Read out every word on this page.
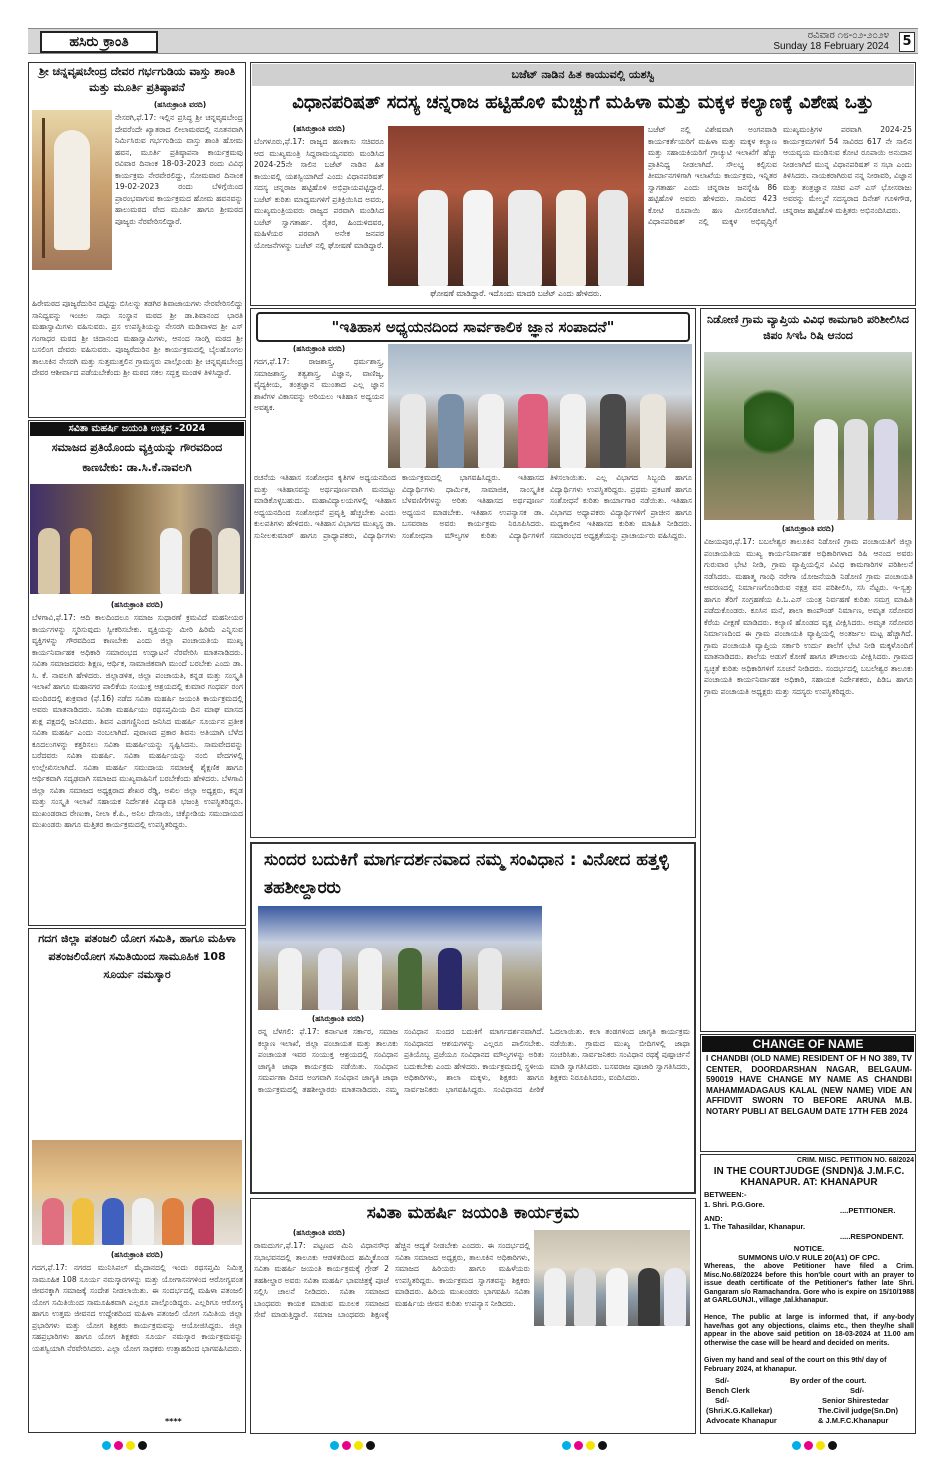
ಹಸಿರು ಕ್ರಾಂತಿ	ರವಿವಾರ ೧೮-೦೨-೨೦೨೪
Sunday 18 February 2024 5
ಶ್ರೀ ಚನ್ನವೃಷಬೇಂದ್ರ ದೇವರ ಗರ್ಭಗುಡಿಯ ವಾಸ್ತು ಶಾಂತಿ ಮತ್ತು ಮೂರ್ತಿ ಪ್ರತಿಷ್ಠಾಪನೆ
(ಹಸಿರುಕ್ರಾಂತಿ ವರದಿ)
ನೇಸರಗಿ,ಫೆ.17: ಇಲ್ಲಿನ ಪ್ರಸಿದ್ಧ ಶ್ರೀ ಚನ್ನವೃಷಬೇಂದ್ರ ದೇವರೆಂದೇ ಖ್ಯಾತರಾದ ಲೀಲಾಮಠದಲ್ಲಿ ನೂತನವಾಗಿ ನಿರ್ಮಿಸಿರುವ ಗರ್ಭಗುಡಿಯ ವಾಸ್ತು ಶಾಂತಿ ಹೋಮ ಹವನ, ಮೂರ್ತಿ ಪ್ರತಿಷ್ಠಾಪನಾ ಕಾರ್ಯಕ್ರಮವು ರವಿವಾರ ದಿನಾಂಕ 18-03-2023 ರಂದು ವಿವಿಧ ಕಾರ್ಯಕ್ರಮ ನೇರವೇರಲಿದ್ದು, ಸೋಮವಾರ ದಿನಾಂಕ 19-02-2023 ರಂದು ಬೆಳಿಗ್ಗೆಯಿಂದ ಪ್ರಾರಂಭವಾಗುವ ಕಾರ್ಯಕ್ರಮದ ಹೋಮ ಹವನವನ್ನು ಹಾಲುಮಠದ ವೇದ ಮೂರ್ತಿ ಹಾಗೂ ಶ್ರೀಮಠದ ಪೂಜ್ಯರು ನೆರವೇರಿಸಲಿದ್ದಾರೆ.
ಹಿರೇಮಠದ ಪೂಜ್ಯರೆದುರಿನ ದಟ್ಟಿದ್ದು ಬಿಸಿಲನ್ನು ತಡಗಿರ ಶಿವಾಜಾಯಗಳು ನೇರವೇರಿಸಲಿದ್ದು ಸಾನಿಧ್ಯವನ್ನು ಇಂಚಲ ಸಾಧು ಸಂಸ್ಥಾನ ಮಠದ ಶ್ರೀ ಡಾ.ಶಿವಾನಂದ ಭಾರತಿ ಮಹಾಸ್ವಾಮಿಗಳು ವಹಿಸುವರು. ಪ್ರಸ ಉಪಸ್ಥಿತಿಯನ್ನು ನೇಸರಗಿ ಮಡಿವಾಳದ ಶ್ರೀ ಎಸ್ ಗಂಗಾಧರ ಮಠದ ಶ್ರೀ ಚಿದಾನಂದ ಮಹಾಸ್ವಾಮಿಗಳು, ಆನಂದ ಸಾಂಗ್ಲಿ ಮಠದ ಶ್ರೀ ಬಸಲಿಂಗ ದೇವರು ವಹಿಸುವರು. ಪೂಜ್ಯರೆದುರಿನ ಶ್ರೀ ಕಾರ್ಯಕ್ರಮದಲ್ಲಿ ಬೈಲಹೊಂಗಲ ತಾಲೂಕಿನ ನೇಸರಗಿ ಮತ್ತು ಸುತ್ತಮುತ್ತಲಿನ ಗ್ರಾಮಸ್ಥರು ಪಾಲ್ಗೊಂಡು ಶ್ರೀ ಚನ್ನವೃಷಬೇಂದ್ರ ದೇವರ ಆಶೀರ್ವಾದ ಪಡೆಯಬೇಕೆಂದು ಶ್ರೀ ಮಠದ ಸಕಲ ಸದ್ಭಕ್ತ ಮಂಡಳಿ ತಿಳಿಸಿದ್ದಾರೆ.
ಸವಿತಾ ಮಹರ್ಷಿ ಜಯಂತಿ ಉತ್ಸವ -2024
ಸಮಾಜದ ಪ್ರತಿಯೊಂದು ವ್ಯಕ್ತಿಯನ್ನು ಗೌರವದಿಂದ ಕಾಣಬೇಕು: ಡಾ.ಸಿ.ಕೆ.ನಾವಲಗಿ
(ಹಸಿರುಕ್ರಾಂತಿ ವರದಿ)
ಬೆಳಗಾವಿ,ಫೆ.17: ಆದಿ ಕಾಲದಿಂದಲೂ ಸಮಾಜ ಸುಧಾರಣೆ ಕ್ರಮವಿದೆ ಮಹನೀಯರ ಕಾರ್ಯಗಳನ್ನು ಸ್ಮರಿಸುವುದು ಸ್ವೀಕರಿಸಬೇಕು. ವ್ಯಕ್ತಿಯನ್ನು ಮೀರಿ ಹಿರಿಮೆ ಎನ್ನಿಸುವ ವ್ಯಕ್ತಿಗಳನ್ನು ಗೌರವದಿಂದ ಕಾಣಬೇಕು ಎಂದು ಜಿಲ್ಲಾ ಪಂಚಾಯತಿಯ ಮುಖ್ಯ ಕಾರ್ಯನಿರ್ವಾಹಕ ಅಧಿಕಾರಿ ಸಮಾರಂಭದ ಉದ್ಘಾಟನೆ ನೆರವೇರಿಸಿ ಮಾತನಾಡಿದರು. ಸವಿತಾ ಸಮಾಜದವರು ಶಿಕ್ಷಣ, ಆರ್ಥಿಕ, ಸಾಮಾಜಿಕವಾಗಿ ಮುಂದೆ ಬರಬೇಕು ಎಂದು ಡಾ. ಸಿ. ಕೆ. ನಾವಲಗಿ ಹೇಳಿದರು. ಜಿಲ್ಲಾಡಳಿತ, ಜಿಲ್ಲಾ ಪಂಚಾಯತಿ, ಕನ್ನಡ ಮತ್ತು ಸಂಸ್ಕೃತಿ ಇಲಾಖೆ ಹಾಗೂ ಮಹಾನಗರ ಪಾಲಿಕೆಯ ಸಂಯುಕ್ತ ಆಶ್ರಯದಲ್ಲಿ ಕುಮಾರ ಗಂಧರ್ವ ರಂಗ ಮಂದಿರದಲ್ಲಿ ಶುಕ್ರವಾರ (ಫೆ.16) ನಡೆದ ಸವಿತಾ ಮಹರ್ಷಿ ಜಯಂತಿ ಕಾರ್ಯಕ್ರಮದಲ್ಲಿ ಅವರು ಮಾತನಾಡಿದರು. ಸವಿತಾ ಮಹರ್ಷಿಯು ರಥಸಪ್ತಮಿಯ ದಿನ ಮಾಘ ಮಾಸದ ಶುಕ್ಲ ಪಕ್ಷದಲ್ಲಿ ಜನಿಸಿದರು. ಶಿವನ ಎಡಗಣ್ಣಿನಿಂದ ಜನಿಸಿದ ಮಹರ್ಷಿ ಸೂರ್ಯನ ಪ್ರತೀಕ ಸವಿತಾ ಮಹರ್ಷಿ ಎಂದು ನಂಬಲಾಗಿದೆ. ಪುರಾಣದ ಪ್ರಕಾರ ಶಿವನು ಅತಿಯಾಗಿ ಬೆಳೆದ ಕೂದಲುಗಳನ್ನು ಕತ್ತರಿಸಲು ಸವಿತಾ ಮಹರ್ಷಿಯನ್ನು ಸೃಷ್ಟಿಸಿದನು. ಸಾಮವೇದವನ್ನು ಬರೆದವರು ಸವಿತಾ ಮಹರ್ಷಿ. ಸವಿತಾ ಮಹರ್ಷಿಯನ್ನು ನಂಬಿ ವೇದಗಳಲ್ಲಿ ಉಲ್ಲೇಖಿಸಲಾಗಿದೆ. ಸವಿತಾ ಮಹರ್ಷಿ ಸಮುದಾಯ ಸಮಾಜಕ್ಕೆ ಶೈಕ್ಷಣಿಕ ಹಾಗೂ ಆರ್ಥಿಕವಾಗಿ ಸದೃಢವಾಗಿ ಸಮಾಜದ ಮುಖ್ಯವಾಹಿನಿಗೆ ಬರಬೇಕೆಂದು ಹೇಳಿದರು. ಬೆಳಗಾವಿ ಜಿಲ್ಲಾ ಸವಿತಾ ಸಮಾಜದ ಅಧ್ಯಕ್ಷರಾದ ಶೇಖರ ರೆಡ್ಡಿ, ಅಖಿಲ ಜಿಲ್ಲಾ ಅಧ್ಯಕ್ಷರು, ಕನ್ನಡ ಮತ್ತು ಸಂಸ್ಕೃತಿ ಇಲಾಖೆ ಸಹಾಯಕ ನಿರ್ದೇಶಕಿ ವಿದ್ಯಾವತಿ ಭಜಂತ್ರಿ ಉಪಸ್ಥಿತರಿದ್ದರು. ಮುಖಂಡರಾದ ರೇಣುಕಾ, ನೀಲಾ ಕೆ.ಪಿ., ಅನಿಲ ದೇಸಾಯಿ, ಚಿಕ್ಕೋಡಿಯ ಸಮುದಾಯದ ಮುಖಂಡರು ಹಾಗೂ ಮತ್ತಿತರ ಕಾರ್ಯಕ್ರಮದಲ್ಲಿ ಉಪಸ್ಥಿತರಿದ್ದರು.
ಗದಗ ಜಿಲ್ಲಾ ಪತಂಜಲಿ ಯೋಗ ಸಮಿತಿ, ಹಾಗೂ ಮಹಿಳಾ ಪತಂಜಲಿಯೋಗ ಸಮಿತಿಯಿಂದ ಸಾಮೂಹಿಕ 108 ಸೂರ್ಯ ನಮಸ್ಕಾರ
(ಹಸಿರುಕ್ರಾಂತಿ ವರದಿ)
ಗದಗ,ಫೆ.17: ನಗರದ ಮುನಿಸಿಪಲ್ ಮೈದಾನದಲ್ಲಿ ಇಂದು ರಥಸಪ್ತಮಿ ನಿಮಿತ್ತ ಸಾಮೂಹಿಕ 108 ಸೂರ್ಯ ನಮಸ್ಕಾರಗಳನ್ನು ಮತ್ತು ಯೋಗಾಸನಗಳಿಂದ ಆರೋಗ್ಯವಂತ ಜೀವನಕ್ಕಾಗಿ ಸಮಾಜಕ್ಕೆ ಸಂದೇಶ ನೀಡಲಾಯಿತು. ಈ ಸಂದರ್ಭದಲ್ಲಿ ಮಹಿಳಾ ಪತಂಜಲಿ ಯೋಗ ಸಮಿತಿಯಿಂದ ಸಾಮೂಹಿಕವಾಗಿ ಎಲ್ಲರೂ ಪಾಲ್ಗೊಂಡಿದ್ದರು. ಎಲ್ಲರಿಗೂ ಆರೋಗ್ಯ ಹಾಗೂ ಉತ್ತಮ ಜೀವನದ ಉದ್ದೇಶದಿಂದ ಮಹಿಳಾ ಪತಂಜಲಿ ಯೋಗ ಸಮಿತಿಯ ಜಿಲ್ಲಾ ಪ್ರಭಾರಿಗಳು ಮತ್ತು ಯೋಗ ಶಿಕ್ಷಕರು ಕಾರ್ಯಕ್ರಮವನ್ನು ಆಯೋಜಿಸಿದ್ದರು. ಜಿಲ್ಲಾ ಸಹಪ್ರಭಾರಿಗಳು ಹಾಗೂ ಯೋಗ ಶಿಕ್ಷಕರು ಸೂರ್ಯ ನಮಸ್ಕಾರ ಕಾರ್ಯಕ್ರಮವನ್ನು ಯಶಸ್ವಿಯಾಗಿ ನೆರವೇರಿಸಿದರು. ಎಲ್ಲಾ ಯೋಗ ಸಾಧಕರು ಉತ್ಸಾಹದಿಂದ ಭಾಗವಹಿಸಿದರು.
****
ಬಜೆಟ್ ನಾಡಿನ ಹಿತ ಕಾಯುವಲ್ಲಿ ಯಶಸ್ವಿ
ವಿಧಾನಪರಿಷತ್ ಸದಸ್ಯ ಚನ್ನರಾಜ ಹಟ್ಟಿಹೊಳಿ ಮೆಚ್ಚುಗೆ ಮಹಿಳಾ ಮತ್ತು ಮಕ್ಕಳ ಕಲ್ಯಾಣಕ್ಕೆ ವಿಶೇಷ ಒತ್ತು
(ಹಸಿರುಕ್ರಾಂತಿ ವರದಿ)
ಬೆಂಗಳೂರು,ಫೆ.17: ರಾಜ್ಯದ ಹಣಕಾಸು ಸಚಿವರೂ ಆದ ಮುಖ್ಯಮಂತ್ರಿ ಸಿದ್ದರಾಮಯ್ಯನವರು ಮಂಡಿಸಿದ 2024-25ನೇ ಸಾಲಿನ ಬಜೆಟ್ ನಾಡಿನ ಹಿತ ಕಾಯುವಲ್ಲಿ ಯಶಸ್ವಿಯಾಗಿದೆ ಎಂದು ವಿಧಾನಪರಿಷತ್ ಸದಸ್ಯ ಚನ್ನರಾಜ ಹಟ್ಟಿಹೊಳಿ ಅಭಿಪ್ರಾಯಪಟ್ಟಿದ್ದಾರೆ. ಬಜೆಟ್ ಕುರಿತು ಮಾಧ್ಯಮಗಳಿಗೆ ಪ್ರತಿಕ್ರಿಯಿಸಿದ ಅವರು, ಮುಖ್ಯಮಂತ್ರಿಯವರು ರಾಜ್ಯದ ಪರವಾಗಿ ಮಂಡಿಸಿದ ಬಜೆಟ್ ಸ್ವಾಗತಾರ್ಹ. ರೈತರ, ಹಿಂದುಳಿದವರ, ಮಹಿಳೆಯರ ಪರವಾಗಿ ಅನೇಕ ಜನಪರ ಯೋಜನೆಗಳನ್ನು ಬಜೆಟ್ ನಲ್ಲಿ ಘೋಷಣೆ ಮಾಡಿದ್ದಾರೆ.
ಘೋಷಣೆ ಮಾಡಿದ್ದಾರೆ. ಇದೊಂದು ಮಾದರಿ ಬಜೆಟ್ ಎಂದು ಹೇಳಿದರು.
ಬಜೆಟ್ ನಲ್ಲಿ ವಿಶೇಷವಾಗಿ ಅಂಗನವಾಡಿ ಕಾರ್ಯಕರ್ತೆಯರಿಗೆ ಮಹಿಳಾ ಮತ್ತು ಮಕ್ಕಳ ಕಲ್ಯಾಣ ಮತ್ತು ಸಹಾಯಕಿಯರಿಗೆ ಗ್ರಾಚ್ಯುಟಿ ಇಲಾಖೆಗೆ ಹೆಚ್ಚು ಪ್ರಾತಿನಿಧ್ಯ ನೀಡಲಾಗಿದೆ. ಸೌಲಭ್ಯ ಕಲ್ಪಿಸುವ ತೀರ್ಮಾನಗಳಿಗಾಗಿ ಇಲಾಖೆಯ ಕಾರ್ಯಕ್ರಮ, ಇನ್ನಿತರ ಸ್ವಾಗತಾರ್ಹ ಎಂದು ಚನ್ನರಾಜ ಜನಸ್ನೇಹಿ 86 ಹಟ್ಟಿಹೊಳಿ ಅವರು ಹೇಳಿದರು. ಸಾವಿರದ 423 ಕೋಟಿ ರೂಪಾಯಿ ಹಣ ಮೀಸಲಿಡಲಾಗಿದೆ. ವಿಧಾನಪರಿಷತ್ ನಲ್ಲಿ ಮಕ್ಕಳ ಅಭಿವೃದ್ಧಿಗೆ ಮುಖ್ಯಮಂತ್ರಿಗಳ ಪರವಾಗಿ 2024-25 ಕಾರ್ಯಕ್ರಮಗಳಿಗೆ 54 ಸಾವಿರದ 617 ನೇ ಸಾಲಿನ ಆಯವ್ಯಯ ಮಂಡಿಸುವ ಕೋಟಿ ರೂಪಾಯಿ ಅನುದಾನ ನೀಡಲಾಗಿದೆ ಮುನ್ನ ವಿಧಾನಪರಿಷತ್ ನ ಸಭಾ ಎಂದು ತಿಳಿಸಿದರು. ನಾಯಕರಾಗಿರುವ ನನ್ನ ನೀರಾವರಿ, ವಿಜ್ಞಾನ ಮತ್ತು ತಂತ್ರಜ್ಞಾನ ಸಚಿವ ಎನ್ ಎಸ್ ಭೋಸರಾಜು ಅವರನ್ನು ಮೇಲ್ಮನೆ ಸದಸ್ಯರಾದ ದಿನೇಶ್ ಗೂಳಿಗೌಡ, ಚನ್ನರಾಜ ಹಟ್ಟಿಹೊಳಿ ಮತ್ತಿತರು ಅಭಿನಂದಿಸಿದರು.
"ಇತಿಹಾಸ ಅಧ್ಯಯನದಿಂದ ಸಾರ್ವಕಾಲಿಕ ಜ್ಞಾನ ಸಂಪಾದನೆ"
(ಹಸಿರುಕ್ರಾಂತಿ ವರದಿ)
ಗದಗ,ಫೆ.17: ರಾಜಶಾಸ್ತ್ರ, ಧರ್ಮಶಾಸ್ತ್ರ, ಸಮಾಜಶಾಸ್ತ್ರ, ತತ್ವಶಾಸ್ತ್ರ, ವಿಜ್ಞಾನ, ವಾಣಿಜ್ಯ, ವೈದ್ಯಕೀಯ, ತಂತ್ರಜ್ಞಾನ ಮುಂತಾದ ಎಲ್ಲ ಜ್ಞಾನ ಶಾಖೆಗಳ ವಿಕಾಸವನ್ನು ಅರಿಯಲು ಇತಿಹಾಸ ಅಧ್ಯಯನ ಅವಶ್ಯಕ.
ರಚನೆಯ ಇತಿಹಾಸ ಸಂಶೋಧನ ಕೃತಿಗಳ ಅಧ್ಯಯನದಿಂದ ಮತ್ತು ಇತಿಹಾಸವನ್ನು ಅರ್ಥಪೂರ್ಣವಾಗಿ ಮನದಟ್ಟು ಮಾಡಿಕೊಳ್ಳಬಹುದು. ಮಹಾವಿದ್ಯಾಲಯಗಳಲ್ಲಿ ಇತಿಹಾಸ ಅಧ್ಯಯನದಿಂದ ಸಂಶೋಧನೆ ಪ್ರವೃತ್ತಿ ಹೆಚ್ಚಬೇಕು ಎಂದು ಕುಲಪತಿಗಳು ಹೇಳಿದರು. ಇತಿಹಾಸ ವಿಭಾಗದ ಮುಖ್ಯಸ್ಥ ಡಾ. ಸುನೀಲಕುಮಾರ್ ಹಾಗೂ ಪ್ರಾಧ್ಯಾಪಕರು, ವಿದ್ಯಾರ್ಥಿಗಳು ಕಾರ್ಯಕ್ರಮದಲ್ಲಿ ಭಾಗವಹಿಸಿದ್ದರು. ಇತಿಹಾಸದ ವಿದ್ಯಾರ್ಥಿಗಳು ಧಾರ್ಮಿಕ, ಸಾಮಾಜಿಕ, ಸಾಂಸ್ಕೃತಿಕ ಬೆಳವಣಿಗೆಗಳನ್ನು ಅರಿತು ಇತಿಹಾಸದ ಅರ್ಥಪೂರ್ಣ ಅಧ್ಯಯನ ಮಾಡಬೇಕು. ಇತಿಹಾಸ ಉಪನ್ಯಾಸಕ ಡಾ. ಬಸವರಾಜ ಅವರು ಕಾರ್ಯಕ್ರಮ ನಿರೂಪಿಸಿದರು. ಸಂಶೋಧನಾ ಮೌಲ್ಯಗಳ ಕುರಿತು ವಿದ್ಯಾರ್ಥಿಗಳಿಗೆ ತಿಳಿಸಲಾಯಿತು. ಎಲ್ಲ ವಿಭಾಗದ ಸಿಬ್ಬಂದಿ ಹಾಗೂ ವಿದ್ಯಾರ್ಥಿಗಳು ಉಪಸ್ಥಿತರಿದ್ದರು. ಪ್ರಥಮ ಪ್ರಕಟಣೆ ಹಾಗೂ ಸಂಶೋಧನೆ ಕುರಿತು ಕಾರ್ಯಾಗಾರ ನಡೆಯಿತು. ಇತಿಹಾಸ ವಿಭಾಗದ ಅಧ್ಯಾಪಕರು ವಿದ್ಯಾರ್ಥಿಗಳಿಗೆ ಪ್ರಾಚೀನ ಹಾಗೂ ಮಧ್ಯಕಾಲೀನ ಇತಿಹಾಸದ ಕುರಿತು ಮಾಹಿತಿ ನೀಡಿದರು. ಸಮಾರಂಭದ ಅಧ್ಯಕ್ಷತೆಯನ್ನು ಪ್ರಾಚಾರ್ಯರು ವಹಿಸಿದ್ದರು.
ನಿಡೋಣಿ ಗ್ರಾಮ ವ್ಯಾಪ್ತಿಯ ವಿವಿಧ ಕಾಮಗಾರಿ ಪರಿಶೀಲಿಸಿದ ಜಿಪಂ ಸಿಇಓ ರಿಷಿ ಆನಂದ
(ಹಸಿರುಕ್ರಾಂತಿ ವರದಿ)
ವಿಜಯಪುರ,ಫೆ.17: ಬಬಲೇಶ್ವರ ತಾಲೂಕಿನ ನಿಡೋಣಿ ಗ್ರಾಮ ಪಂಚಾಯತಿಗೆ ಜಿಲ್ಲಾ ಪಂಚಾಯತಿಯ ಮುಖ್ಯ ಕಾರ್ಯನಿರ್ವಾಹಕ ಅಧಿಕಾರಿಗಳಾದ ರಿಷಿ ಆನಂದ ಅವರು ಗುರುವಾರ ಭೇಟಿ ನೀಡಿ, ಗ್ರಾಮ ವ್ಯಾಪ್ತಿಯಲ್ಲಿನ ವಿವಿಧ ಕಾಮಗಾರಿಗಳ ಪರಿಶೀಲನೆ ನಡೆಸಿದರು. ಮಹಾತ್ಮ ಗಾಂಧಿ ನರೇಗಾ ಯೋಜನೆಯಡಿ ನಿಡೋಣಿ ಗ್ರಾಮ ಪಂಚಾಯತಿ ಆವರಣದಲ್ಲಿ ನಿರ್ಮಾಣಗೊಂಡಿರುವ ನಕ್ಷತ್ರ ವನ ಪರಿಶೀಲಿಸಿ, ಸಸಿ ನೆಟ್ಟರು. ಇ-ಸ್ವತ್ತು ಹಾಗೂ ತೆರಿಗೆ ಸಂಗ್ರಹಣೆಯ ಪಿ.ಓ.ಎಸ್ ಯಂತ್ರ ನಿರ್ವಹಣೆ ಕುರಿತು ಸಮಗ್ರ ಮಾಹಿತಿ ಪಡೆದುಕೊಂಡರು. ಕೂಸಿನ ಮನೆ, ಶಾಲಾ ಕಾಂಪೌಂಡ್ ನಿರ್ಮಾಣ, ಅಮೃತ ಸರೋವರ ಕೆರೆಯ ವೀಕ್ಷಣೆ ಮಾಡಿದರು. ಕಲ್ಯಾಣಿ ಹೊಂಡದ ವೃಕ್ಷ ವೀಕ್ಷಿಸಿದರು. ಅಮೃತ ಸರೋವರ ನಿರ್ಮಾಣದಿಂದ ಈ ಗ್ರಾಮ ಪಂಚಾಯತಿ ವ್ಯಾಪ್ತಿಯಲ್ಲಿ ಅಂತರ್ಜಲ ಮಟ್ಟ ಹೆಚ್ಚಾಗಿದೆ. ಗ್ರಾಮ ಪಂಚಾಯತಿ ವ್ಯಾಪ್ತಿಯ ಸರ್ಕಾರಿ ಉರ್ದು ಶಾಲೆಗೆ ಭೇಟಿ ನೀಡಿ ಮಕ್ಕಳೊಂದಿಗೆ ಮಾತನಾಡಿದರು. ಶಾಲೆಯ ಅಡುಗೆ ಕೋಣೆ ಹಾಗೂ ಶೌಚಾಲಯ ವೀಕ್ಷಿಸಿದರು. ಗ್ರಾಮದ ಸ್ವಚ್ಛತೆ ಕುರಿತು ಅಧಿಕಾರಿಗಳಿಗೆ ಸೂಚನೆ ನೀಡಿದರು. ಸಂದರ್ಭದಲ್ಲಿ ಬಬಲೇಶ್ವರ ತಾಲೂಕು ಪಂಚಾಯತಿ ಕಾರ್ಯನಿರ್ವಾಹಕ ಅಧಿಕಾರಿ, ಸಹಾಯಕ ನಿರ್ದೇಶಕರು, ಪಿಡಿಒ ಹಾಗೂ ಗ್ರಾಮ ಪಂಚಾಯತಿ ಅಧ್ಯಕ್ಷರು ಮತ್ತು ಸದಸ್ಯರು ಉಪಸ್ಥಿತರಿದ್ದರು.
ಸುಂದರ ಬದುಕಿಗೆ ಮಾರ್ಗದರ್ಶನವಾದ ನಮ್ಮ ಸಂವಿಧಾನ : ವಿನೋದ ಹತ್ತಳ್ಳಿ ತಹಶೀಲ್ದಾರರು
(ಹಸಿರುಕ್ರಾಂತಿ ವರದಿ)
ರನ್ನ ಬೆಳಗಲಿ: ಫೆ.17: ಕರ್ನಾಟಕ ಸರ್ಕಾರ, ಸಮಾಜ ಕಲ್ಯಾಣ ಇಲಾಖೆ, ಜಿಲ್ಲಾ ಪಂಚಾಯತ ಮತ್ತು ತಾಲೂಕು ಪಂಚಾಯತ ಇವರ ಸಂಯುಕ್ತ ಆಶ್ರಯದಲ್ಲಿ ಸಂವಿಧಾನ ಜಾಗೃತಿ ಜಾಥಾ ಕಾರ್ಯಕ್ರಮ ನಡೆಯಿತು. ಸಂವಿಧಾನ ಸಮರ್ಪಣಾ ದಿನದ ಅಂಗವಾಗಿ ಸಂವಿಧಾನ ಜಾಗೃತಿ ಜಾಥಾ ಕಾರ್ಯಕ್ರಮದಲ್ಲಿ ತಹಶೀಲ್ದಾರರು ಮಾತನಾಡಿದರು. ನಮ್ಮ ಸಂವಿಧಾನ ಸುಂದರ ಬದುಕಿಗೆ ಮಾರ್ಗದರ್ಶನವಾಗಿದೆ. ಸಂವಿಧಾನದ ಆಶಯಗಳನ್ನು ಎಲ್ಲರೂ ಪಾಲಿಸಬೇಕು. ಪ್ರತಿಯೊಬ್ಬ ಪ್ರಜೆಯೂ ಸಂವಿಧಾನದ ಮೌಲ್ಯಗಳನ್ನು ಅರಿತು ಬದುಕಬೇಕು ಎಂದು ಹೇಳಿದರು. ಕಾರ್ಯಕ್ರಮದಲ್ಲಿ ಸ್ಥಳೀಯ ಅಧಿಕಾರಿಗಳು, ಶಾಲಾ ಮಕ್ಕಳು, ಶಿಕ್ಷಕರು ಹಾಗೂ ಸಾರ್ವಜನಿಕರು ಭಾಗವಹಿಸಿದ್ದರು. ಸಂವಿಧಾನದ ಪೀಠಿಕೆ ಓದಲಾಯಿತು. ಕಲಾ ತಂಡಗಳಿಂದ ಜಾಗೃತಿ ಕಾರ್ಯಕ್ರಮ ನಡೆಯಿತು. ಗ್ರಾಮದ ಮುಖ್ಯ ಬೀದಿಗಳಲ್ಲಿ ಜಾಥಾ ಸಂಚರಿಸಿತು. ಸಾರ್ವಜನಿಕರು ಸಂವಿಧಾನ ರಥಕ್ಕೆ ಪುಷ್ಪಾರ್ಚನೆ ಮಾಡಿ ಸ್ವಾಗತಿಸಿದರು. ಬಸವರಾಜ ಪೂಜಾರಿ ಸ್ವಾಗತಿಸಿದರು, ಶಿಕ್ಷಕರು ನಿರೂಪಿಸಿದರು, ವಂದಿಸಿದರು.
ಸವಿತಾ ಮಹರ್ಷಿ ಜಯಂತಿ ಕಾರ್ಯಕ್ರಮ
(ಹಸಿರುಕ್ರಾಂತಿ ವರದಿ)
ರಾಮದುರ್ಗ,ಫೆ.17: ಪಟ್ಟಣದ ಮಿನಿ ವಿಧಾನಸೌಧ ಸಭಾಭವನದಲ್ಲಿ ತಾಲೂಕು ಆಡಳಿತದಿಂದ ಹಮ್ಮಿಕೊಂಡ ಸವಿತಾ ಮಹರ್ಷಿ ಜಯಂತಿ ಕಾರ್ಯಕ್ರಮಕ್ಕೆ ಗ್ರೇಡ್ 2 ತಹಶೀಲ್ದಾರ ಅವರು ಸವಿತಾ ಮಹರ್ಷಿ ಭಾವಚಿತ್ರಕ್ಕೆ ಪೂಜೆ ಸಲ್ಲಿಸಿ ಚಾಲನೆ ನೀಡಿದರು. ಸವಿತಾ ಸಮಾಜದ ಬಾಂಧವರು ಕಾಯಕ ಮಾಡುವ ಮೂಲಕ ಸಮಾಜದ ಸೇವೆ ಮಾಡುತ್ತಿದ್ದಾರೆ. ಸಮಾಜ ಬಾಂಧವರು ಶಿಕ್ಷಣಕ್ಕೆ ಹೆಚ್ಚಿನ ಆದ್ಯತೆ ನೀಡಬೇಕು ಎಂದರು. ಈ ಸಂದರ್ಭದಲ್ಲಿ ಸವಿತಾ ಸಮಾಜದ ಅಧ್ಯಕ್ಷರು, ತಾಲೂಕಿನ ಅಧಿಕಾರಿಗಳು, ಸಮಾಜದ ಹಿರಿಯರು ಹಾಗೂ ಮಹಿಳೆಯರು ಉಪಸ್ಥಿತರಿದ್ದರು. ಕಾರ್ಯಕ್ರಮದ ಸ್ವಾಗತವನ್ನು ಶಿಕ್ಷಕರು ಮಾಡಿದರು. ಹಿರಿಯ ಮುಖಂಡರು ಭಾಗವಹಿಸಿ ಸವಿತಾ ಮಹರ್ಷಿಯ ಜೀವನ ಕುರಿತು ಉಪನ್ಯಾಸ ನೀಡಿದರು.
CHANGE OF NAME
I CHANDBI (OLD NAME) RESIDENT OF H NO 389, TV CENTER, DOORDARSHAN NAGAR, BELGAUM- 590019 HAVE CHANGE MY NAME AS CHANDBI MAHAMMADAGAUS KALAL (NEW NAME) VIDE AN AFFIDVIT SWORN TO BEFORE ARUNA M.B. NOTARY PUBLI AT BELGAUM DATE 17TH FEB 2024
CRIM. MISC. PETITION NO. 68/2024
IN THE COURTJUDGE (SNDN)& J.M.F.C. KHANAPUR. AT: KHANAPUR
BETWEEN:-
1. Shri. P.G.Gore.
....PETITIONER.
AND:
1. The Tahasildar, Khanapur.
.....RESPONDENT.
NOTICE.
SUMMONS U/O.V RULE 20(A1) OF CPC.
Whereas, the above Petitioner have filed a Crim. Misc.No.68/20224 before this hon'ble court with an prayer to issue death certificate of the Petitioner's father late Shri. Gangaram s/o Ramachandra. Gore who is expire on 15/10/1988 at GARLGUNJI., village ,tal.khanapur.
Hence, The public at large is informed that, if any-body have/has got any objections, claims etc., then they/he shall appear in the above said petition on 18-03-2024 at 11.00 am otherwise the case will be heard and decided on merits.
Given my hand and seal of the court on this 9th/ day of February 2024, at khanapur.
Sd/-	By order of the court.
Bench Clerk	Sd/-
Sd/-	Senior Shirestedar
(Shri.K.G.Kallekar)	The.Civil judge(Sn.Dn)
Advocate Khanapur	& J.M.F.C.Khanapur
